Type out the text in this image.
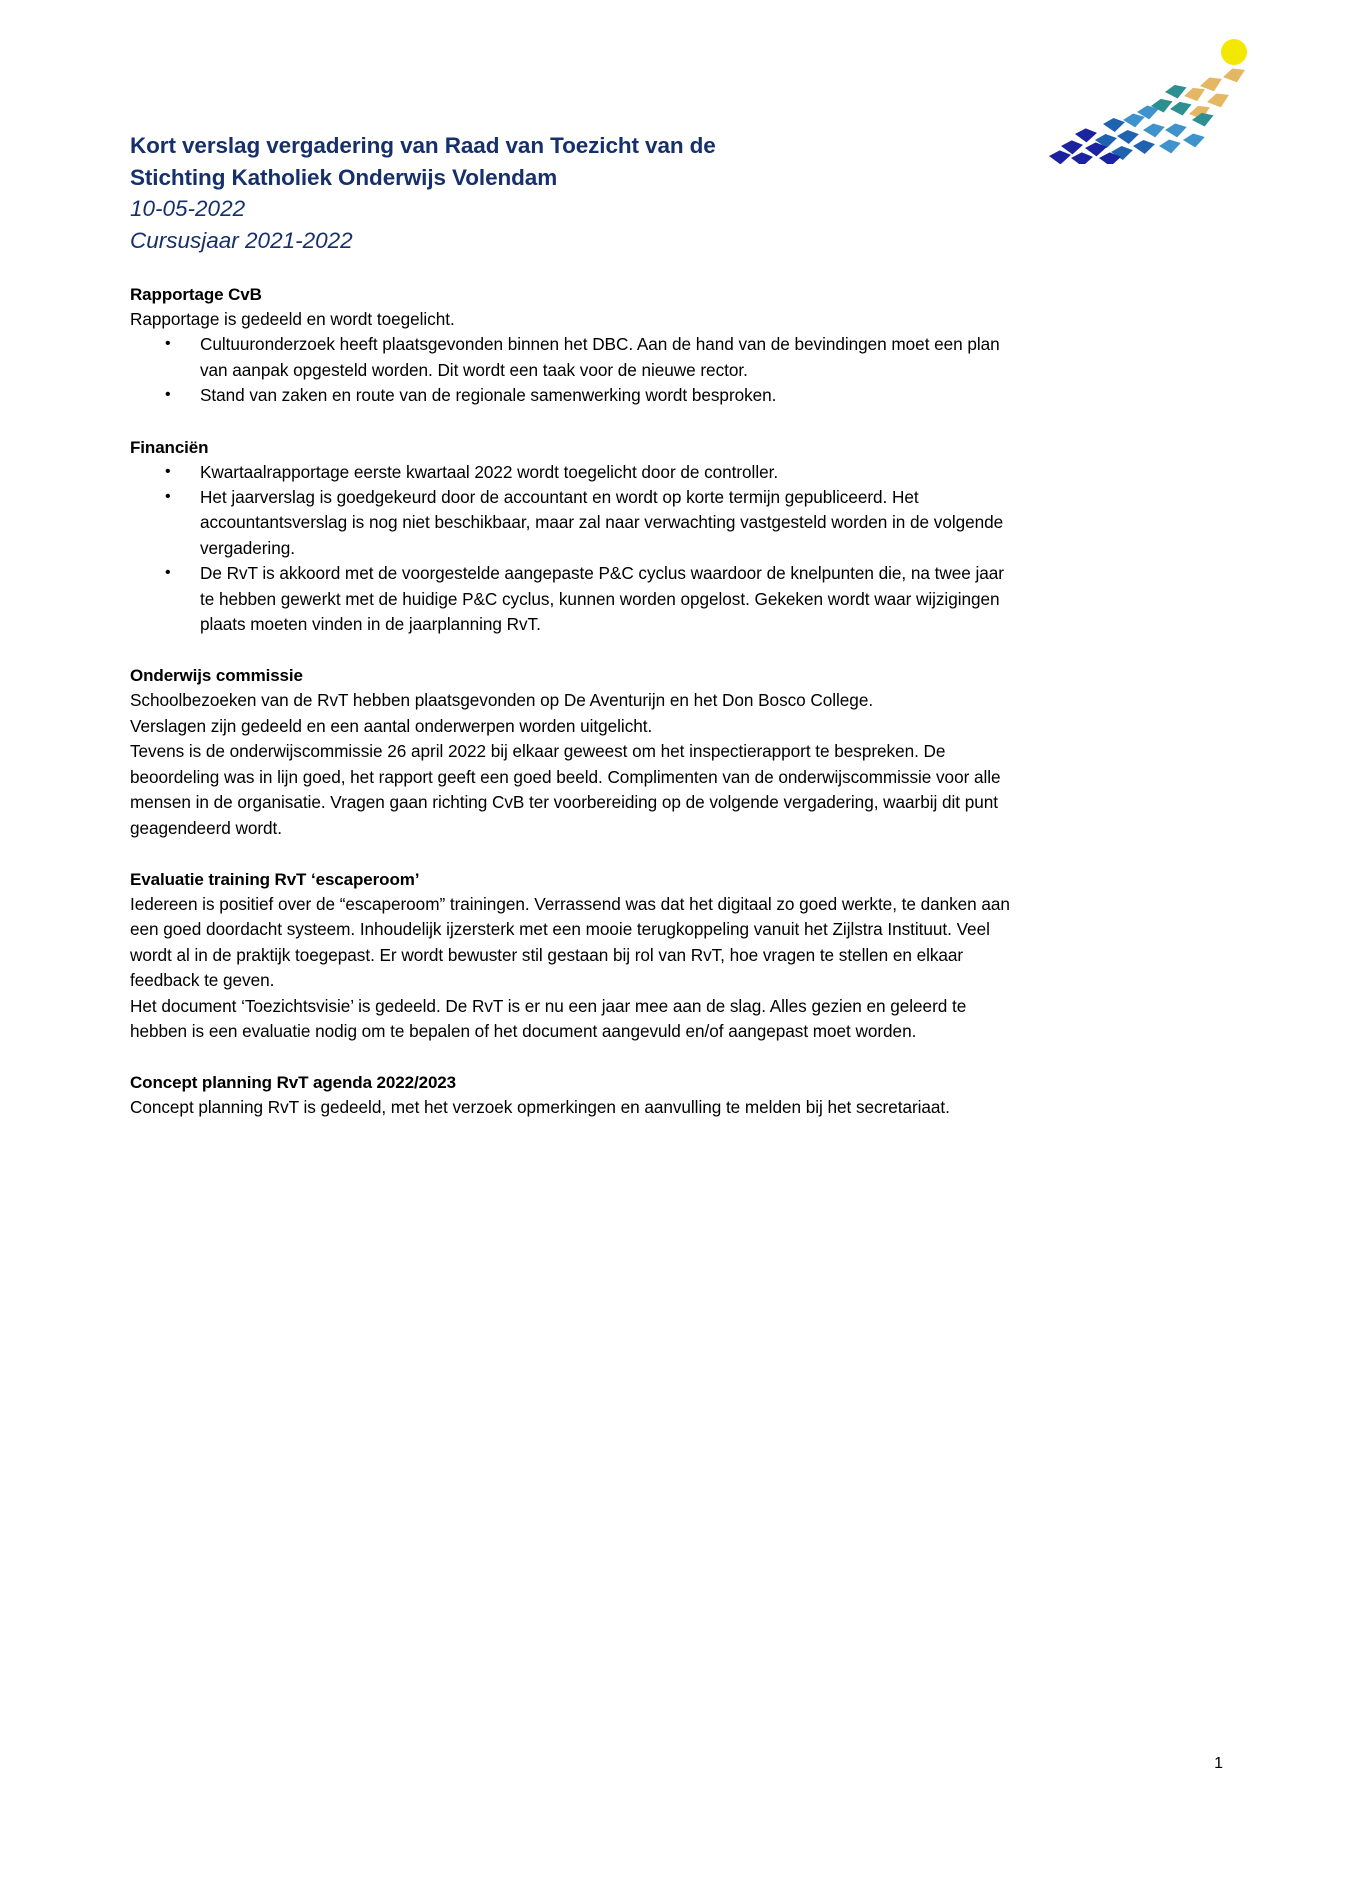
Kort verslag vergadering van Raad van Toezicht van de
Stichting Katholiek Onderwijs Volendam
10-05-2022
Cursusjaar 2021-2022
Rapportage CvB

Rapportage is gedeeld en wordt toegelicht.

• Cultuuronderzoek heeft plaatsgevonden binnen het DBC. Aan de hand van de bevindingen moet een plan van aanpak opgesteld worden. Dit wordt een taak voor de nieuwe rector.
• Stand van zaken en route van de regionale samenwerking wordt besproken.
Financiën
• Kwartaalrapportage eerste kwartaal 2022 wordt toegelicht door de controller.
• Het jaarverslag is goedgekeurd door de accountant en wordt op korte termijn gepubliceerd. Het accountantsverslag is nog niet beschikbaar, maar zal naar verwachting vastgesteld worden in de volgende vergadering.
• De RvT is akkoord met de voorgestelde aangepaste P&C cyclus waardoor de knelpunten die, na twee jaar te hebben gewerkt met de huidige P&C cyclus, kunnen worden opgelost. Gekeken wordt waar wijzigingen plaats moeten vinden in de jaarplanning RvT.
Onderwijs commissie

Schoolbezoeken van de RvT hebben plaatsgevonden op De Aventurijn en het Don Bosco College.

Verslagen zijn gedeeld en een aantal onderwerpen worden uitgelicht.

Tevens is de onderwijscommissie 26 april 2022 bij elkaar geweest om het inspectierapport te bespreken. De beoordeling was in lijn goed, het rapport geeft een goed beeld. Complimenten van de onderwijscommissie voor alle mensen in de organisatie. Vragen gaan richting CvB ter voorbereiding op de volgende vergadering, waarbij dit punt geagendeerd wordt.

Evaluatie training RvT ‘escaperoom’

Iedereen is positief over de “escaperoom” trainingen. Verrassend was dat het digitaal zo goed werkte, te danken aan een goed doordacht systeem. Inhoudelijk ijzersterk met een mooie terugkoppeling vanuit het Zijlstra Instituut. Veel wordt al in de praktijk toegepast. Er wordt bewuster stil gestaan bij rol van RvT, hoe vragen te stellen en elkaar feedback te geven.

Het document ‘Toezichtsvisie’ is gedeeld. De RvT is er nu een jaar mee aan de slag. Alles gezien en geleerd te hebben is een evaluatie nodig om te bepalen of het document aangevuld en/of aangepast moet worden.

Concept planning RvT agenda 2022/2023

Concept planning RvT is gedeeld, met het verzoek opmerkingen en aanvulling te melden bij het secretariaat.

1
